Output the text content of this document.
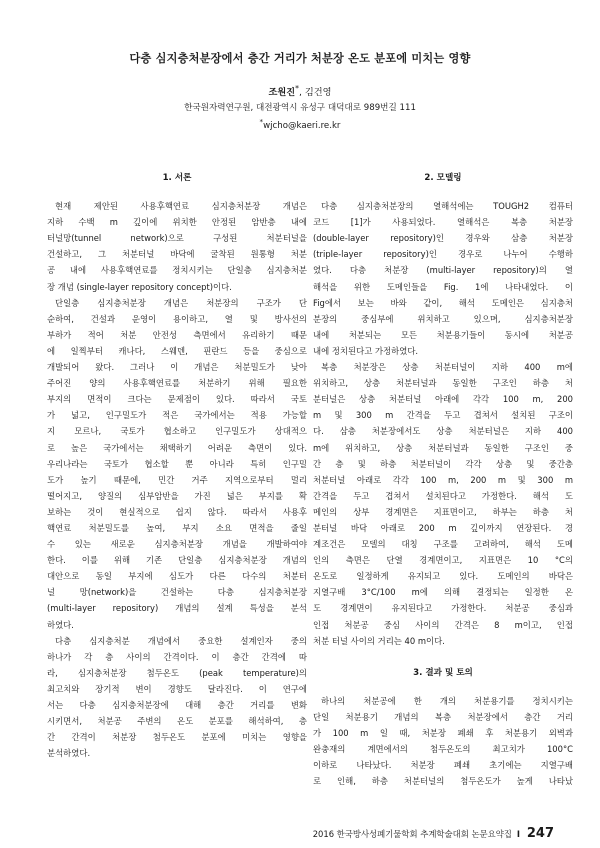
다층 심지층처분장에서 층간 거리가 처분장 온도 분포에 미치는 영향
조원진*, 김건영
한국원자력연구원, 대전광역시 유성구 대덕대로 989번길 111
*wjcho@kaeri.re.kr
1. 서론
현재 제안된 사용후핵연료 심지층처분장 개념은
지하 수백 m 깊이에 위치한 안정된 암반층 내에
터널망(tunnel network)으로 구성된 처분터널을
건설하고, 그 처분터널 바닥에 굴착된 원통형 처분
공 내에 사용후핵연료를 정치시키는 단일층 심지층처분
장 개념 (single-layer repository concept)이다.
단일층 심지층처분장 개념은 처분장의 구조가 단
순하여, 건설과 운영이 용이하고, 열 및 방사선의
부하가 적어 처분 안전성 측면에서 유리하기 때문
에 일찍부터 캐나다, 스웨덴, 핀란드 등을 중심으로
개발되어 왔다. 그러나 이 개념은 처분밀도가 낮아
주어진 양의 사용후핵연료를 처분하기 위해 필요한
부지의 면적이 크다는 문제점이 있다. 따라서 국토
가 넓고, 인구밀도가 적은 국가에서는 적용 가능할
지 모르나, 국토가 협소하고 인구밀도가 상대적으
로 높은 국가에서는 채택하기 어려운 측면이 있다.
우리나라는 국토가 협소할 뿐 아니라 특히 인구밀
도가 높기 때문에, 민간 거주 지역으로부터 멀리
떨어지고, 양질의 심부암반을 가진 넓은 부지를 확
보하는 것이 현실적으로 쉽지 않다. 따라서 사용후
핵연료 처분밀도를 높여, 부지 소요 면적을 줄일
수 있는 새로운 심지층처분장 개념을 개발하여야
한다. 이를 위해 기존 단일층 심지층처분장 개념의
대안으로 동일 부지에 심도가 다른 다수의 처분터
널 망(network)을 건설하는 다층 심지층처분장
(multi-layer repository) 개념의 설계 특성을 분석
하였다.
다층 심지층처분 개념에서 중요한 설계인자 중의
하나가 각 층 사이의 간격이다. 이 층간 간격에 따
라, 심지층처분장 첨두온도 (peak temperature)의
최고치와 장기적 변이 경향도 달라진다. 이 연구에
서는 다층 심지층처분장에 대해 층간 거리를 변화
시키면서, 처분공 주변의 온도 분포를 해석하여, 층
간 간격이 처분장 첨두온도 분포에 미치는 영향을
분석하였다.
2. 모델링
다층 심지층처분장의 열해석에는 TOUGH2 컴퓨터
코드 [1]가 사용되었다. 열해석은 복층 처분장
(double-layer repository)인 경우와 삼층 처분장
(triple-layer repository)인 경우로 나누어 수행하
였다. 다층 처분장 (multi-layer repository)의 열
해석을 위한 도메인들을 Fig. 1에 나타내었다. 이
Fig에서 보는 바와 같이, 해석 도메인은 심지층처
분장의 중심부에 위치하고 있으며, 심지층처분장
내에 처분되는 모든 처분용기들이 동시에 처분공
내에 정치된다고 가정하였다.
복층 처분장은 상층 처분터널이 지하 400 m에
위치하고, 상층 처분터널과 동일한 구조인 하층 처
분터널은 상층 처분터널 아래에 각각 100 m, 200
m 및 300 m 간격을 두고 겹쳐서 설치된 구조이
다. 삼층 처분장에서도 상층 처분터널은 지하 400
m에 위치하고, 상층 처분터널과 동일한 구조인 중
간 층 및 하층 처분터널이 각각 상층 및 중간층
처분터널 아래로 각각 100 m, 200 m 및 300 m
간격을 두고 겹쳐서 설치된다고 가정한다. 해석 도
메인의 상부 경계면은 지표면이고, 하부는 하층 처
분터널 바닥 아래로 200 m 깊이까지 연장된다. 경
계조건은 모델의 대칭 구조를 고려하여, 해석 도메
인의 측면은 단열 경계면이고, 지표면은 10 °C의
온도로 일정하게 유지되고 있다. 도메인의 바닥은
지열구배 3°C/100 m에 의해 결정되는 일정한 온
도 경계면이 유지된다고 가정한다. 처분공 중심과
인접 처분공 중심 사이의 간격은 8 m이고, 인접
처분 터널 사이의 거리는 40 m이다.
3. 결과 및 토의
하나의 처분공에 한 개의 처분용기를 정치시키는
단일 처분용기 개념의 복층 처분장에서 층간 거리
가 100 m 일 때, 처분장 폐쇄 후 처분용기 외벽과
완충재의 계면에서의 첨두온도의 최고치가 100°C
이하로 나타났다. 처분장 폐쇄 초기에는 지열구배
로 인해, 하층 처분터널의 첨두온도가 높게 나타났
2016 한국방사성폐기물학회 추계학술대회 논문요약집 I 247
